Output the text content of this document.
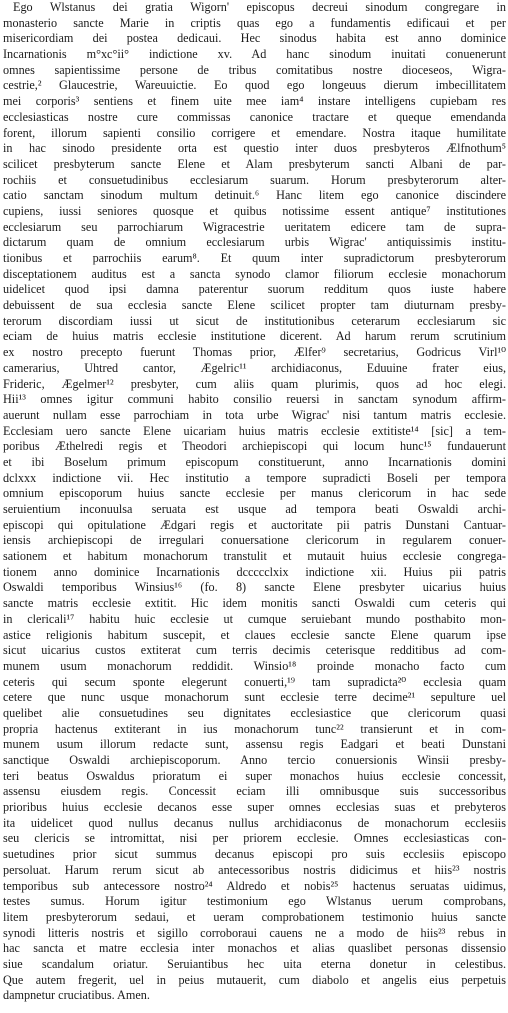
Ego Wlstanus dei gratia Wigorn' episcopus decreui sinodum congregare in
monasterio sancte Marie in criptis quas ego a fundamentis edificaui et per
misericordiam dei postea dedicaui. Hec sinodus habita est anno dominice
Incarnationis m°xc°ii° indictione xv. Ad hanc sinodum inuitati conuenerunt
omnes sapientissime persone de tribus comitatibus nostre dioceseos, Wigra-
cestrie,² Glaucestrie, Wareuuictie. Eo quod ego longeuus dierum imbecillitatem
mei corporis³ sentiens et finem uite mee iam⁴ instare intelligens cupiebam res
ecclesiasticas nostre cure commissas canonice tractare et queque emendanda
forent, illorum sapienti consilio corrigere et emendare. Nostra itaque humilitate
in hac sinodo presidente orta est questio inter duos presbyteros Ælfnothum⁵
scilicet presbyterum sancte Elene et Alam presbyterum sancti Albani de par-
rochiis et consuetudinibus ecclesiarum suarum. Horum presbyterorum alter-
catio sanctam sinodum multum detinuit.⁶ Hanc litem ego canonice discindere
cupiens, iussi seniores quosque et quibus notissime essent antique⁷ institutiones
ecclesiarum seu parrochiarum Wigracestrie ueritatem edicere tam de supra-
dictarum quam de omnium ecclesiarum urbis Wigrac' antiquissimis institu-
tionibus et parrochiis earum⁸. Et quum inter supradictorum presbyterorum
disceptationem auditus est a sancta synodo clamor filiorum ecclesie monachorum
uidelicet quod ipsi damna paterentur suorum redditum quos iuste habere
debuissent de sua ecclesia sancte Elene scilicet propter tam diuturnam presby-
terorum discordiam iussi ut sicut de institutionibus ceterarum ecclesiarum sic
eciam de huius matris ecclesie institutione dicerent. Ad harum rerum scrutinium
ex nostro precepto fuerunt Thomas prior, Ælfer⁹ secretarius, Godricus Virl¹⁰
camerarius, Uhtred cantor, Ægelric¹¹ archidiaconus, Eduuine frater eius,
Frideric, Ægelmer¹² presbyter, cum aliis quam plurimis, quos ad hoc elegi.
Hii¹³ omnes igitur communi habito consilio reuersi in sanctam synodum affirm-
auerunt nullam esse parrochiam in tota urbe Wigrac' nisi tantum matris ecclesie.
Ecclesiam uero sancte Elene uicariam huius matris ecclesie extitiste¹⁴ [sic] a tem-
poribus Æthelredi regis et Theodori archiepiscopi qui locum hunc¹⁵ fundauerunt
et ibi Boselum primum episcopum constituerunt, anno Incarnationis domini
dclxxx indictione vii. Hec institutio a tempore supradicti Boseli per tempora
omnium episcoporum huius sancte ecclesie per manus clericorum in hac sede
seruientium inconuulsa seruata est usque ad tempora beati Oswaldi archi-
episcopi qui opitulatione Ædgari regis et auctoritate pii patris Dunstani Cantuar-
iensis archiepiscopi de irregulari conuersatione clericorum in regularem conuer-
sationem et habitum monachorum transtulit et mutauit huius ecclesie congrega-
tionem anno dominice Incarnationis dccccclxix indictione xii. Huius pii patris
Oswaldi temporibus Winsius¹⁶ (fo. 8) sancte Elene presbyter uicarius huius
sancte matris ecclesie extitit. Hic idem monitis sancti Oswaldi cum ceteris qui
in clericali¹⁷ habitu huic ecclesie ut cumque seruiebant mundo posthabito mon-
astice religionis habitum suscepit, et claues ecclesie sancte Elene quarum ipse
sicut uicarius custos extiterat cum terris decimis ceterisque redditibus ad com-
munem usum monachorum reddidit. Winsio¹⁸ proinde monacho facto cum
ceteris qui secum sponte elegerunt conuerti,¹⁹ tam supradicta²⁰ ecclesia quam
cetere que nunc usque monachorum sunt ecclesie terre decime²¹ sepulture uel
quelibet alie consuetudines seu dignitates ecclesiastice que clericorum quasi
propria hactenus extiterant in ius monachorum tunc²² transierunt et in com-
munem usum illorum redacte sunt, assensu regis Eadgari et beati Dunstani
sanctique Oswaldi archiepiscoporum. Anno tercio conuersionis Winsii presby-
teri beatus Oswaldus prioratum ei super monachos huius ecclesie concessit,
assensu eiusdem regis. Concessit eciam illi omnibusque suis successoribus
prioribus huius ecclesie decanos esse super omnes ecclesias suas et prebyteros
ita uidelicet quod nullus decanus nullus archidiaconus de monachorum ecclesiis
seu clericis se intromittat, nisi per priorem ecclesie. Omnes ecclesiasticas con-
suetudines prior sicut summus decanus episcopi pro suis ecclesiis episcopo
persoluat. Harum rerum sicut ab antecessoribus nostris didicimus et hiis²³ nostris
temporibus sub antecessore nostro²⁴ Aldredo et nobis²⁵ hactenus seruatas uidimus,
testes sumus. Horum igitur testimonium ego Wlstanus uerum comprobans,
litem presbyterorum sedaui, et ueram comprobationem testimonio huius sancte
synodi litteris nostris et sigillo corroboraui cauens ne a modo de hiis²³ rebus in
hac sancta et matre ecclesia inter monachos et alias quaslibet personas dissensio
siue scandalum oriatur. Seruiantibus hec uita eterna donetur in celestibus.
Que autem fregerit, uel in peius mutauerit, cum diabolo et angelis eius perpetuis
dampnetur cruciatibus. Amen.
